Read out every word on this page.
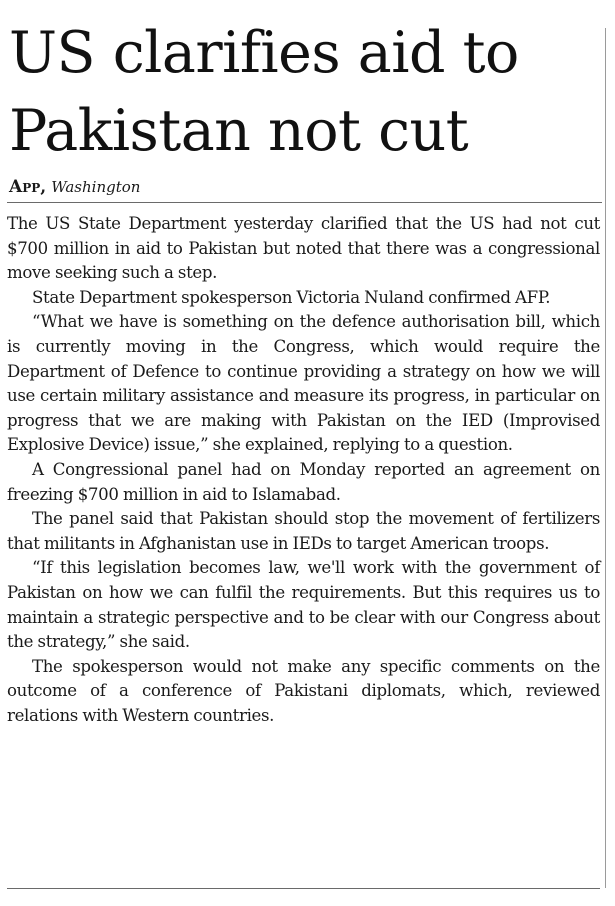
US clarifies aid to Pakistan not cut
App, Washington

The US State Department yesterday clarified that the US had not cut $700 million in aid to Pakistan but noted that there was a congressional move seeking such a step.

State Department spokesperson Victoria Nuland confirmed AFP.

“What we have is something on the defence authorisation bill, which is currently moving in the Congress, which would require the Department of Defence to continue providing a strategy on how we will use certain military assistance and measure its progress, in particular on progress that we are making with Pakistan on the IED (Improvised Explosive Device) issue,” she explained, replying to a question.

A Congressional panel had on Monday reported an agreement on freezing $700 million in aid to Islamabad.

The panel said that Pakistan should stop the movement of fertilizers that militants in Afghanistan use in IEDs to target American troops.

“If this legislation becomes law, we'll work with the government of Pakistan on how we can fulfil the requirements. But this requires us to maintain a strategic perspective and to be clear with our Congress about the strategy,” she said.

The spokesperson would not make any specific comments on the outcome of a conference of Pakistani diplomats, which, reviewed relations with Western countries.
